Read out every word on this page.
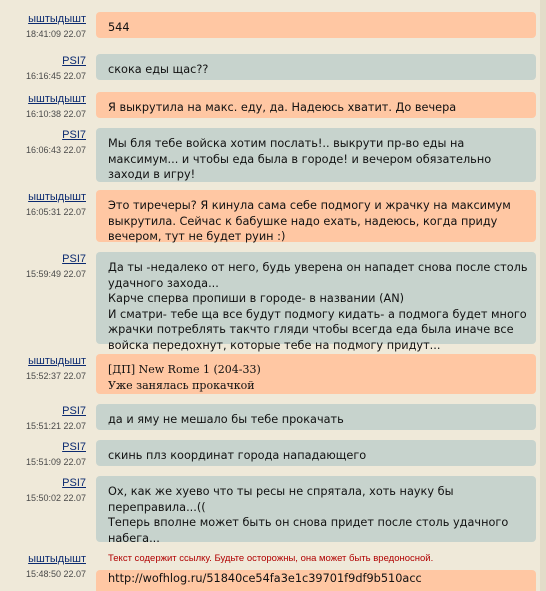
ыштыдышт
18:41:09 22.07 544
PSI7
16:16:45 22.07 скока еды щас??
ыштыдышт
16:10:38 22.07 Я выкрутила на макс. еду, да. Надеюсь хватит. До вечера
PSI7
16:06:43 22.07 Мы бля тебе войска хотим послать!.. выкрути пр-во еды на
максимум... и чтобы еда была в городе! и вечером обязательно
заходи в игру!
ыштыдышт
16:05:31 22.07 Это тиречеры? Я кинула сама себе подмогу и жрачку на максимум
выкрутила. Сейчас к бабушке надо ехать, надеюсь, когда приду
вечером, тут не будет руин :)
PSI7
15:59:49 22.07 Да ты -недалеко от него, будь уверена он нападет снова после столь
удачного захода...
Карче сперва пропиши в городе- в названии (AN)
И сматри- тебе ща все будут подмогу кидать- а подмога будет много
жрачки потреблять такчто гляди чтобы всегда еда была иначе все
войска передохнут, которые тебе на подмогу придут...
ыштыдышт
15:52:37 22.07 [ДП] New Rome 1 (204-33)
Уже занялась прокачкой
PSI7
15:51:21 22.07 да и яму не мешало бы тебе прокачать
PSI7
15:51:09 22.07 скинь плз координат города нападающего
PSI7
15:50:02 22.07 Ох, как же хуево что ты ресы не спрятала, хоть науку бы
переправила...((
Теперь вполне может быть он снова придет после столь удачного
набега...
ыштыдышт
15:48:50 22.07
Текст содержит ссылку. Будьте осторожны, она может быть вредоносной.
http://wofhlog.ru/51840ce54fa3e1c39701f9df9b510acc
